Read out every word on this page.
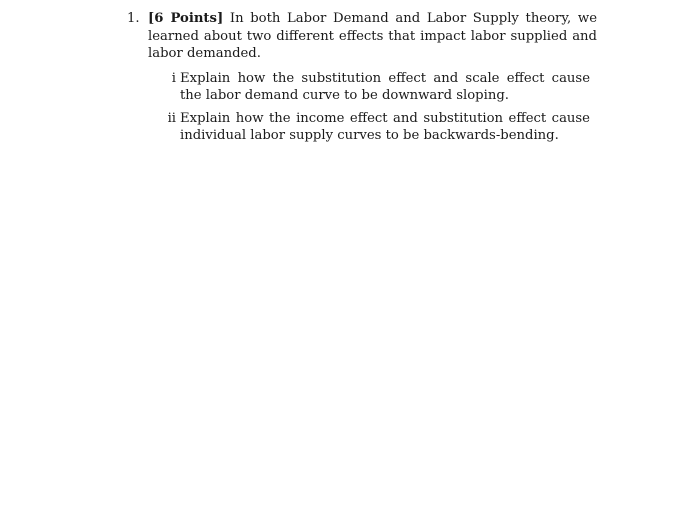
1. [6 Points] In both Labor Demand and Labor Supply theory, we learned about two different effects that impact labor supplied and labor demanded.
i Explain how the substitution effect and scale effect cause the labor demand curve to be downward sloping.
ii Explain how the income effect and substitution effect cause individual labor supply curves to be backwards-bending.
